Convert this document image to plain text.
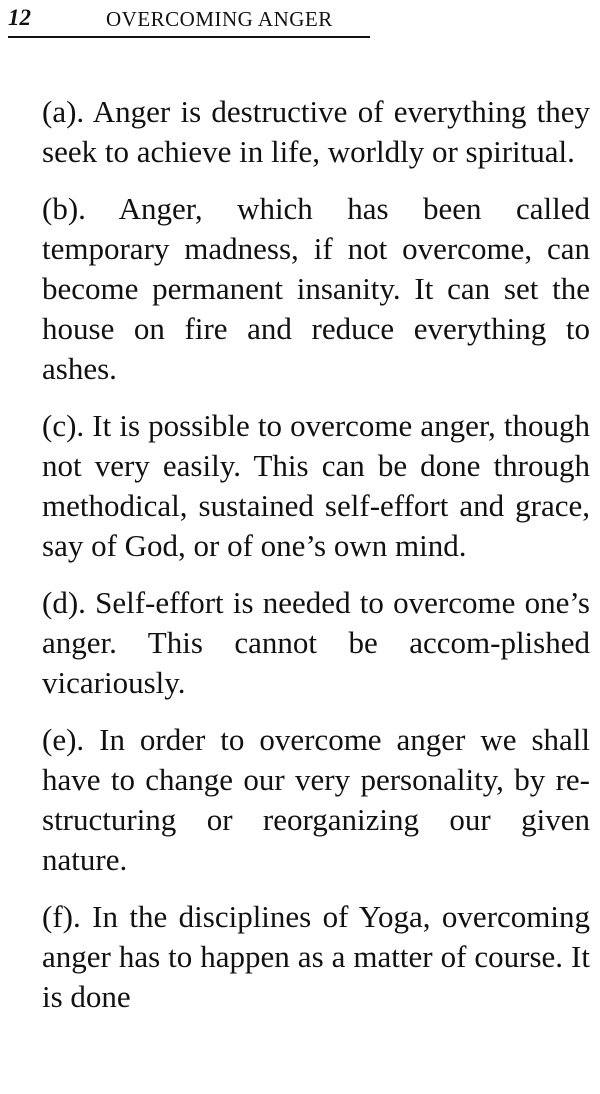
12	OVERCOMING ANGER

(a). Anger is destructive of everything they seek to achieve in life, worldly or spiritual.

(b). Anger, which has been called temporary madness, if not overcome, can become permanent insanity. It can set the house on fire and reduce everything to ashes.

(c). It is possible to overcome anger, though not very easily. This can be done through methodical, sustained self-effort and grace, say of God, or of one’s own mind.

(d). Self-effort is needed to overcome one’s anger. This cannot be accom-plished vicariously.

(e). In order to overcome anger we shall have to change our very personality, by re-structuring or reorganizing our given nature.

(f). In the disciplines of Yoga, overcoming anger has to happen as a matter of course. It is done
